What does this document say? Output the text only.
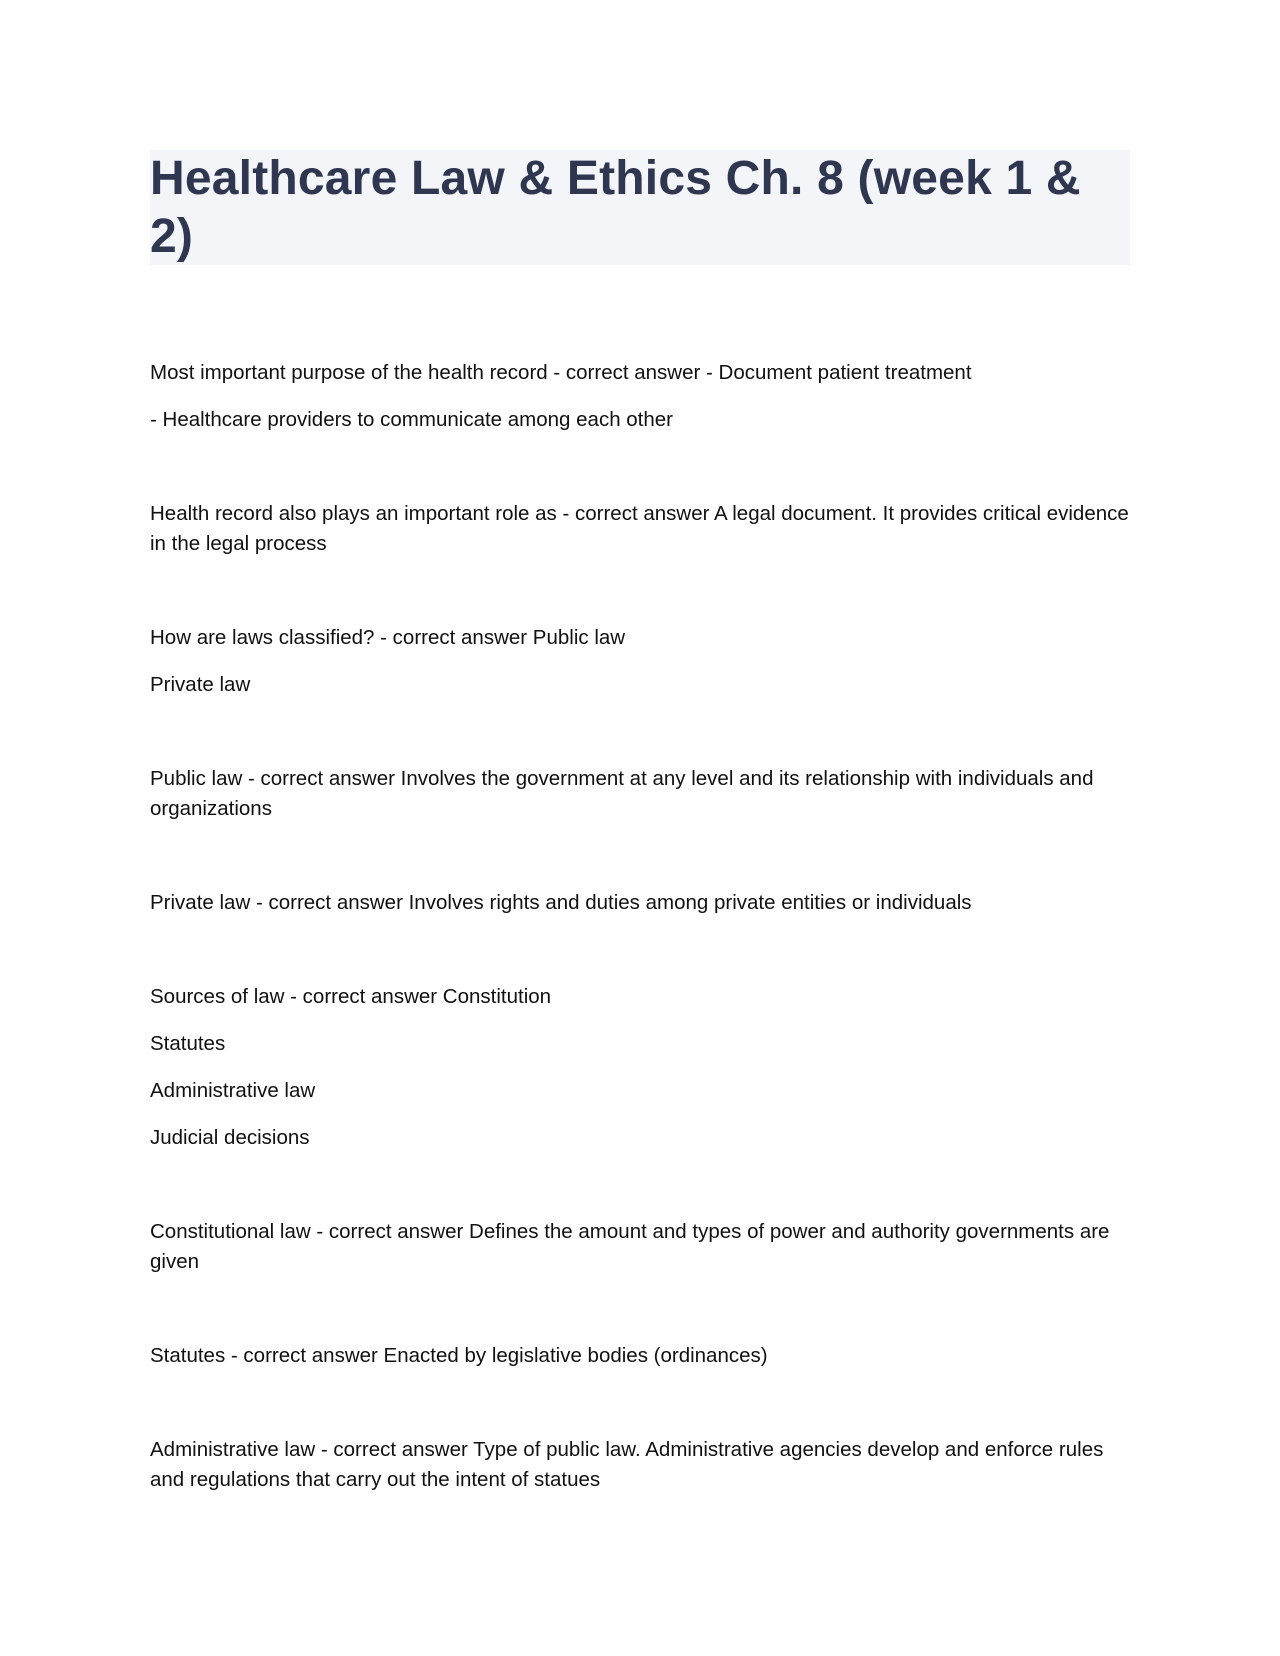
Healthcare Law & Ethics Ch. 8 (week 1 & 2)

Most important purpose of the health record - correct answer - Document patient treatment

- Healthcare providers to communicate among each other

Health record also plays an important role as - correct answer A legal document. It provides critical evidence in the legal process

How are laws classified? - correct answer Public law

Private law

Public law - correct answer Involves the government at any level and its relationship with individuals and organizations

Private law - correct answer Involves rights and duties among private entities or individuals

Sources of law - correct answer Constitution

Statutes

Administrative law

Judicial decisions

Constitutional law - correct answer Defines the amount and types of power and authority governments are given

Statutes - correct answer Enacted by legislative bodies (ordinances)

Administrative law - correct answer Type of public law. Administrative agencies develop and enforce rules and regulations that carry out the intent of statues
